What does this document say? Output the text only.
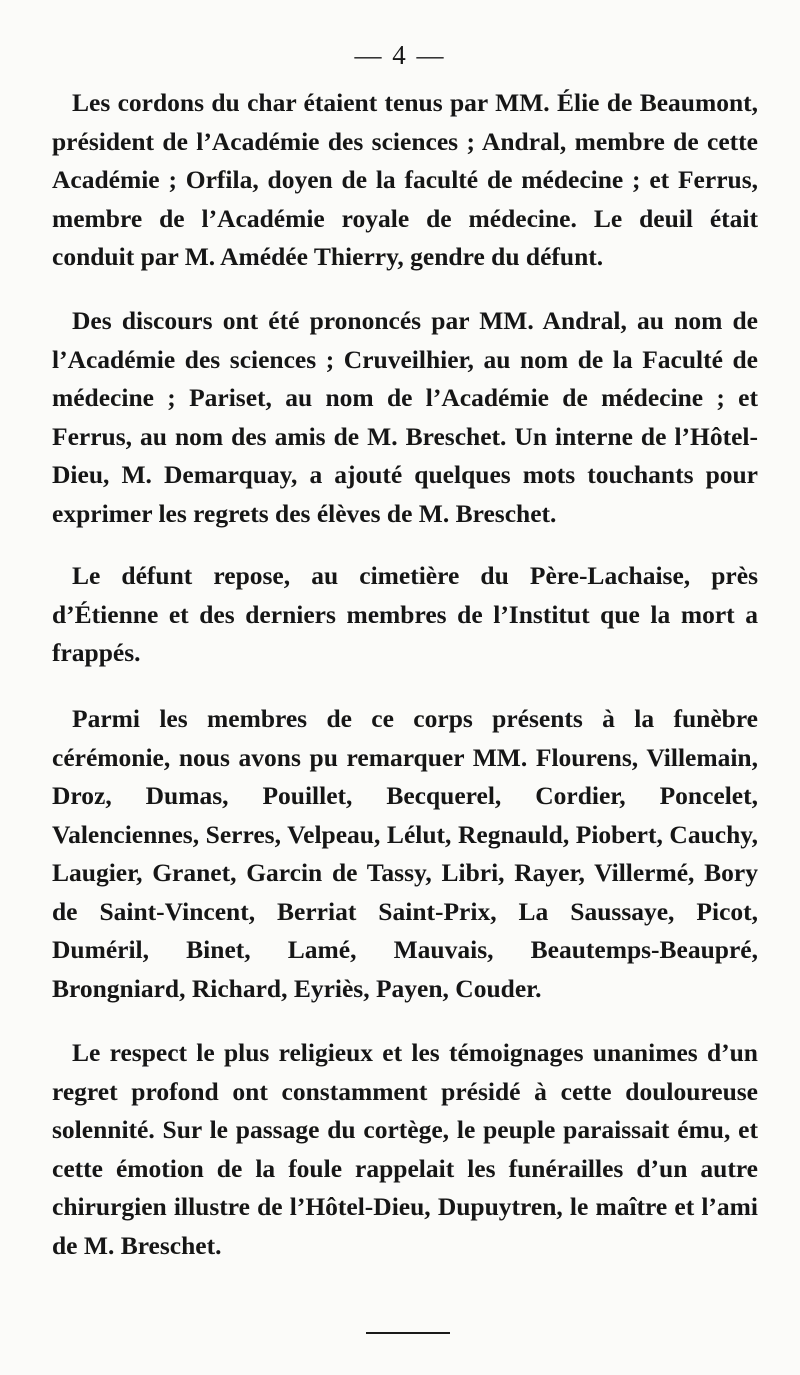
— 4 —

Les cordons du char étaient tenus par MM. Élie de Beaumont, président de l’Académie des sciences ; Andral, membre de cette Académie ; Orfila, doyen de la faculté de médecine ; et Ferrus, membre de l’Académie royale de médecine. Le deuil était conduit par M. Amédée Thierry, gendre du défunt.

Des discours ont été prononcés par MM. Andral, au nom de l’Académie des sciences ; Cruveilhier, au nom de la Faculté de médecine ; Pariset, au nom de l’Académie de médecine ; et Ferrus, au nom des amis de M. Breschet. Un interne de l’Hôtel-Dieu, M. Demarquay, a ajouté quelques mots touchants pour exprimer les regrets des élèves de M. Breschet.

Le défunt repose, au cimetière du Père-Lachaise, près d’Étienne et des derniers membres de l’Institut que la mort a frappés.

Parmi les membres de ce corps présents à la funèbre cérémonie, nous avons pu remarquer MM. Flourens, Villemain, Droz, Dumas, Pouillet, Becquerel, Cordier, Poncelet, Valenciennes, Serres, Velpeau, Lélut, Regnauld, Piobert, Cauchy, Laugier, Granet, Garcin de Tassy, Libri, Rayer, Villermé, Bory de Saint-Vincent, Berriat Saint-Prix, La Saussaye, Picot, Duméril, Binet, Lamé, Mauvais, Beautemps-Beaupré, Brongniard, Richard, Eyriès, Payen, Couder.

Le respect le plus religieux et les témoignages unanimes d’un regret profond ont constamment présidé à cette douloureuse solennité. Sur le passage du cortège, le peuple paraissait ému, et cette émotion de la foule rappelait les funérailles d’un autre chirurgien illustre de l’Hôtel-Dieu, Dupuytren, le maître et l’ami de M. Breschet.
